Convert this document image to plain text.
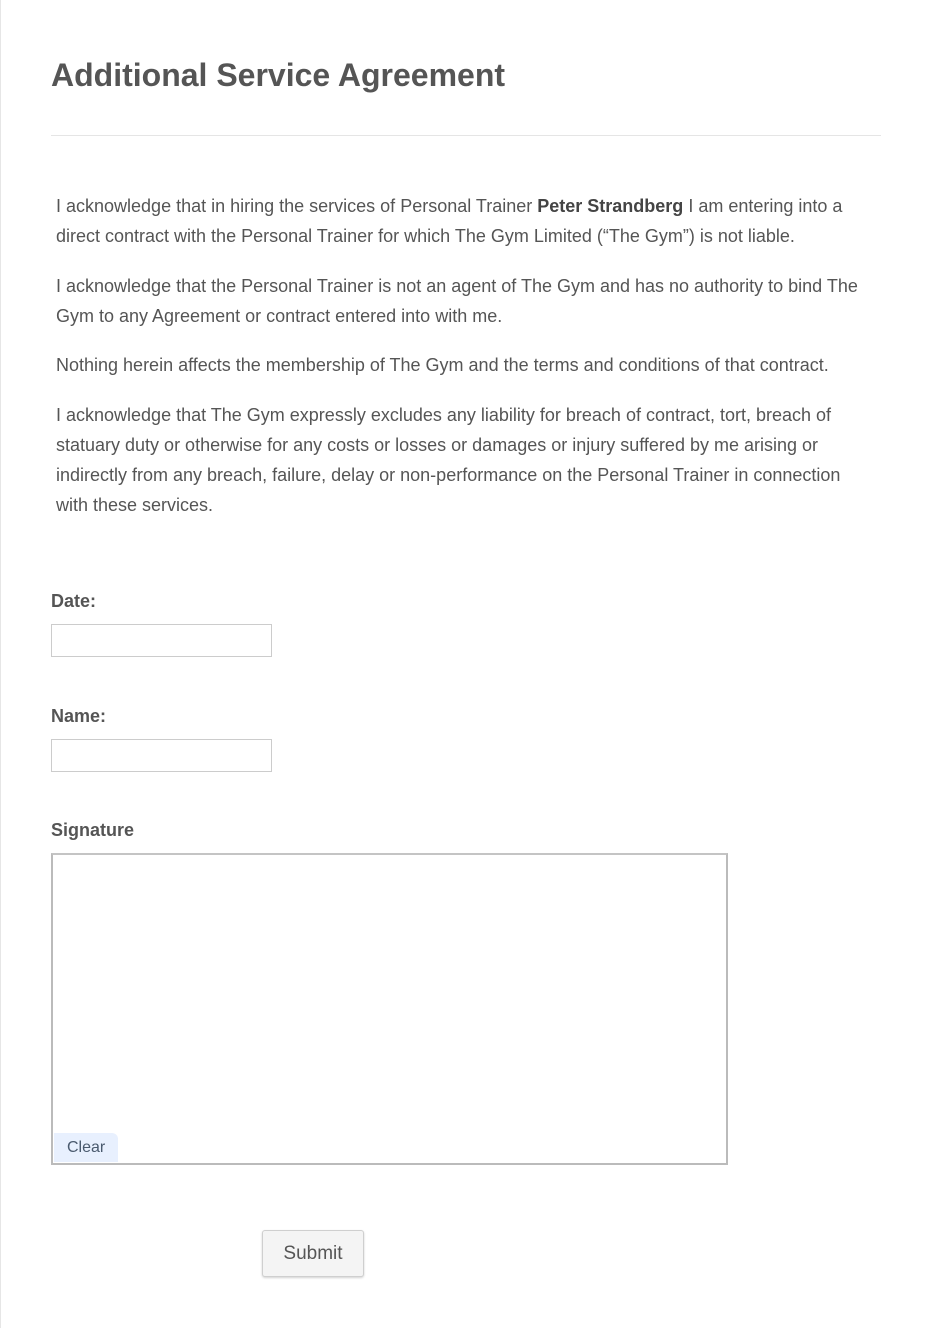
Additional Service Agreement

I acknowledge that in hiring the services of Personal Trainer Peter Strandberg I am entering into a direct contract with the Personal Trainer for which The Gym Limited (“The Gym”) is not liable.

I acknowledge that the Personal Trainer is not an agent of The Gym and has no authority to bind The Gym to any Agreement or contract entered into with me.

Nothing herein affects the membership of The Gym and the terms and conditions of that contract.

I acknowledge that The Gym expressly excludes any liability for breach of contract, tort, breach of statuary duty or otherwise for any costs or losses or damages or injury suffered by me arising or indirectly from any breach, failure, delay or non-performance on the Personal Trainer in connection with these services.

Date:
Name:
Signature
Clear
Submit
